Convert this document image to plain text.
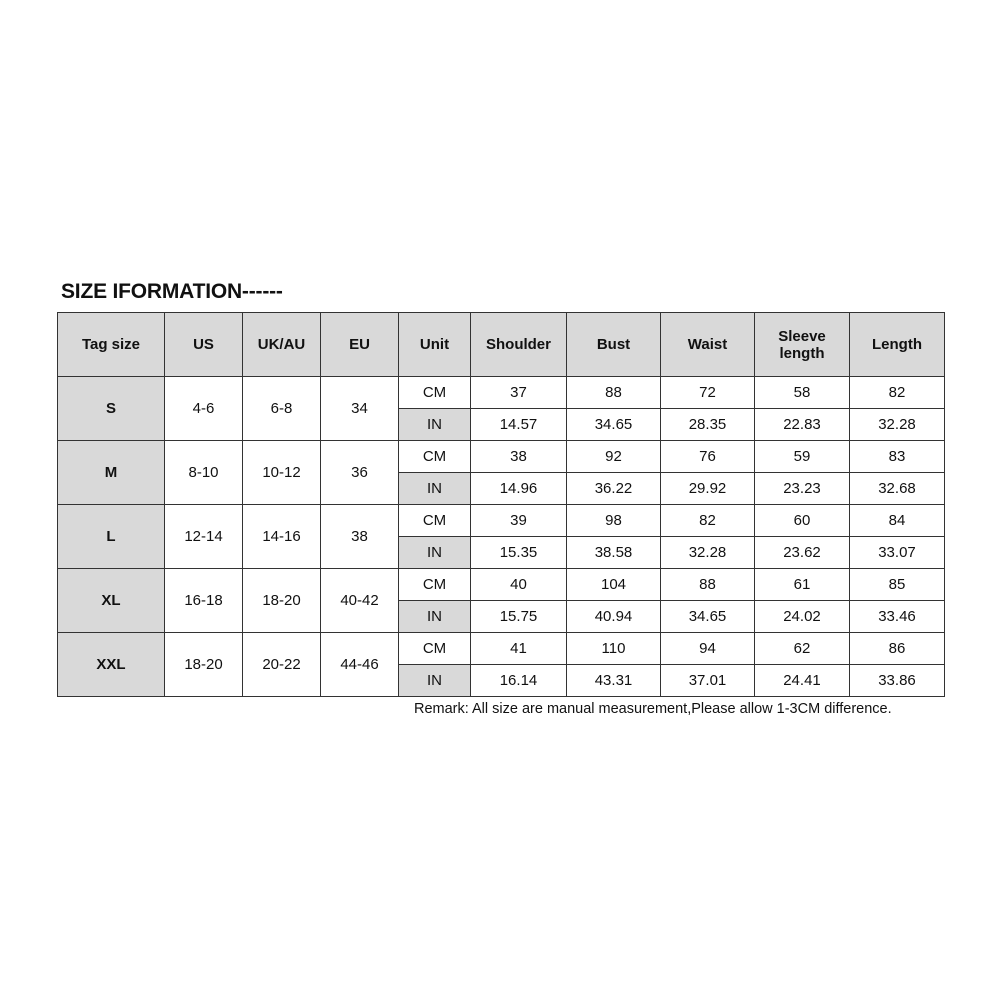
SIZE IFORMATION------
Tag size	US	UK/AU	EU	Unit	Shoulder	Bust	Waist	Sleeve length	Length
S	4-6	6-8	34	CM	37	88	72	58	82
				IN	14.57	34.65	28.35	22.83	32.28
M	8-10	10-12	36	CM	38	92	76	59	83
				IN	14.96	36.22	29.92	23.23	32.68
L	12-14	14-16	38	CM	39	98	82	60	84
				IN	15.35	38.58	32.28	23.62	33.07
XL	16-18	18-20	40-42	CM	40	104	88	61	85
				IN	15.75	40.94	34.65	24.02	33.46
XXL	18-20	20-22	44-46	CM	41	110	94	62	86
				IN	16.14	43.31	37.01	24.41	33.86
Remark: All size are manual measurement,Please allow 1-3CM difference.
